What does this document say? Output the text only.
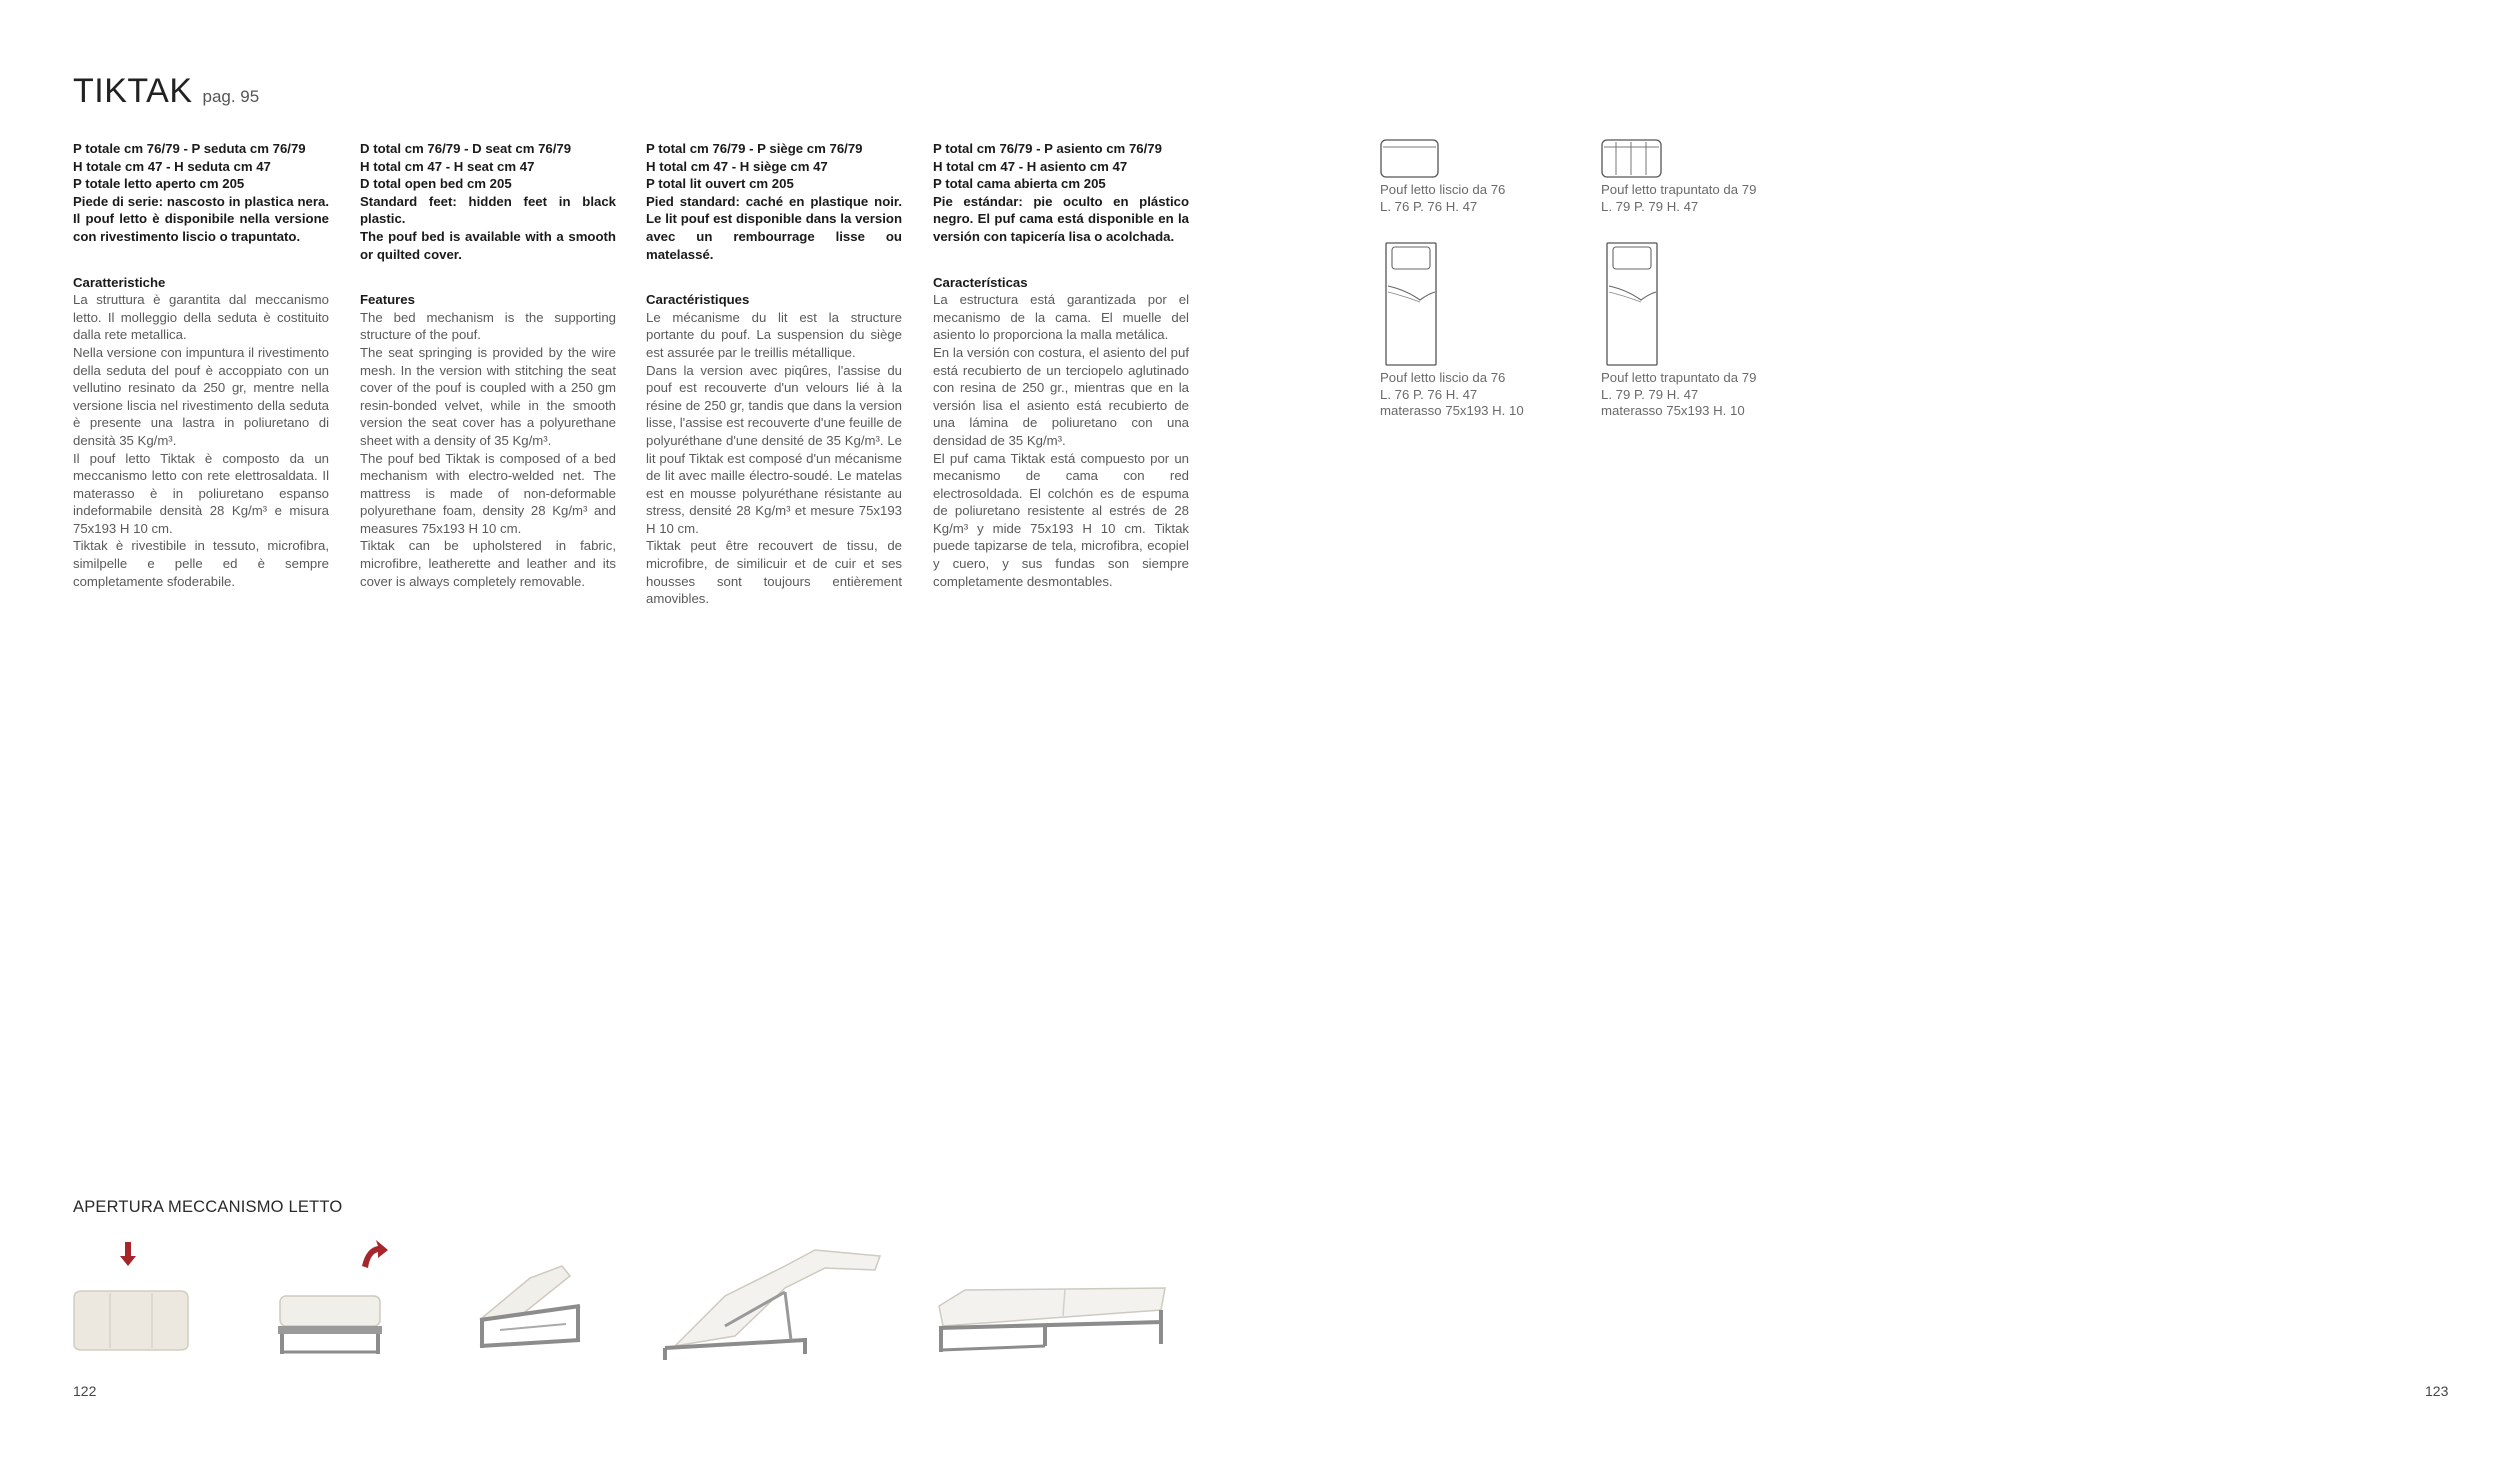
TIKTAK pag. 95
P totale cm 76/79 - P seduta cm 76/79
H totale cm 47 - H seduta cm 47
P totale letto aperto cm 205
Piede di serie: nascosto in plastica nera. Il pouf letto è disponibile nella versione con rivestimento liscio o trapuntato.
Caratteristiche

La struttura è garantita dal meccanismo letto. Il molleggio della seduta è costituito dalla rete metallica.

Nella versione con impuntura il rivestimento della seduta del pouf è accoppiato con un vellutino resinato da 250 gr, mentre nella versione liscia nel rivestimento della seduta è presente una lastra in poliuretano di densità 35 Kg/m³.

Il pouf letto Tiktak è composto da un meccanismo letto con rete elettrosaldata. Il materasso è in poliuretano espanso indeformabile densità 28 Kg/m³ e misura 75x193 H 10 cm.

Tiktak è rivestibile in tessuto, microfibra, similpelle e pelle ed è sempre completamente sfoderabile.

D total cm 76/79 - D seat cm 76/79
H total cm 47 - H seat cm 47
D total open bed cm 205
Standard feet: hidden feet in black plastic.
The pouf bed is available with a smooth or quilted cover.
Features

The bed mechanism is the supporting structure of the pouf.

The seat springing is provided by the wire mesh. In the version with stitching the seat cover of the pouf is coupled with a 250 gm resin-bonded velvet, while in the smooth version the seat cover has a polyurethane sheet with a density of 35 Kg/m³.

The pouf bed Tiktak is composed of a bed mechanism with electro-welded net. The mattress is made of non-deformable polyurethane foam, density 28 Kg/m³ and measures 75x193 H 10 cm.

Tiktak can be upholstered in fabric, microfibre, leatherette and leather and its cover is always completely removable.

P total cm 76/79 - P siège cm 76/79
H total cm 47 - H siège cm 47
P total lit ouvert cm 205
Pied standard: caché en plastique noir. Le lit pouf est disponible dans la version avec un rembourrage lisse ou matelassé.
Caractéristiques

Le mécanisme du lit est la structure portante du pouf. La suspension du siège est assurée par le treillis métallique.

Dans la version avec piqûres, l'assise du pouf est recouverte d'un velours lié à la résine de 250 gr, tandis que dans la version lisse, l'assise est recouverte d'une feuille de polyuréthane d'une densité de 35 Kg/m³. Le lit pouf Tiktak est composé d'un mécanisme de lit avec maille électro-soudé. Le matelas est en mousse polyuréthane résistante au stress, densité 28 Kg/m³ et mesure 75x193 H 10 cm.

Tiktak peut être recouvert de tissu, de microfibre, de similicuir et de cuir et ses housses sont toujours entièrement amovibles.

P total cm 76/79 - P asiento cm 76/79
H total cm 47 - H asiento cm 47
P total cama abierta cm 205
Pie estándar: pie oculto en plástico negro. El puf cama está disponible en la versión con tapicería lisa o acolchada.
Características

La estructura está garantizada por el mecanismo de la cama. El muelle del asiento lo proporciona la malla metálica.

En la versión con costura, el asiento del puf está recubierto de un terciopelo aglutinado con resina de 250 gr., mientras que en la versión lisa el asiento está recubierto de una lámina de poliuretano con una densidad de 35 Kg/m³.

El puf cama Tiktak está compuesto por un mecanismo de cama con red electrosoldada. El colchón es de espuma de poliuretano resistente al estrés de 28 Kg/m³ y mide 75x193 H 10 cm. Tiktak puede tapizarse de tela, microfibra, ecopiel y cuero, y sus fundas son siempre completamente desmontables.

Pouf letto liscio da 76
L. 76 P. 76 H. 47
Pouf letto trapuntato da 79
L. 79 P. 79 H. 47
Pouf letto liscio da 76
L. 76 P. 76 H. 47
materasso 75x193 H. 10
Pouf letto trapuntato da 79
L. 79 P. 79 H. 47
materasso 75x193 H. 10
APERTURA MECCANISMO LETTO
122	123
